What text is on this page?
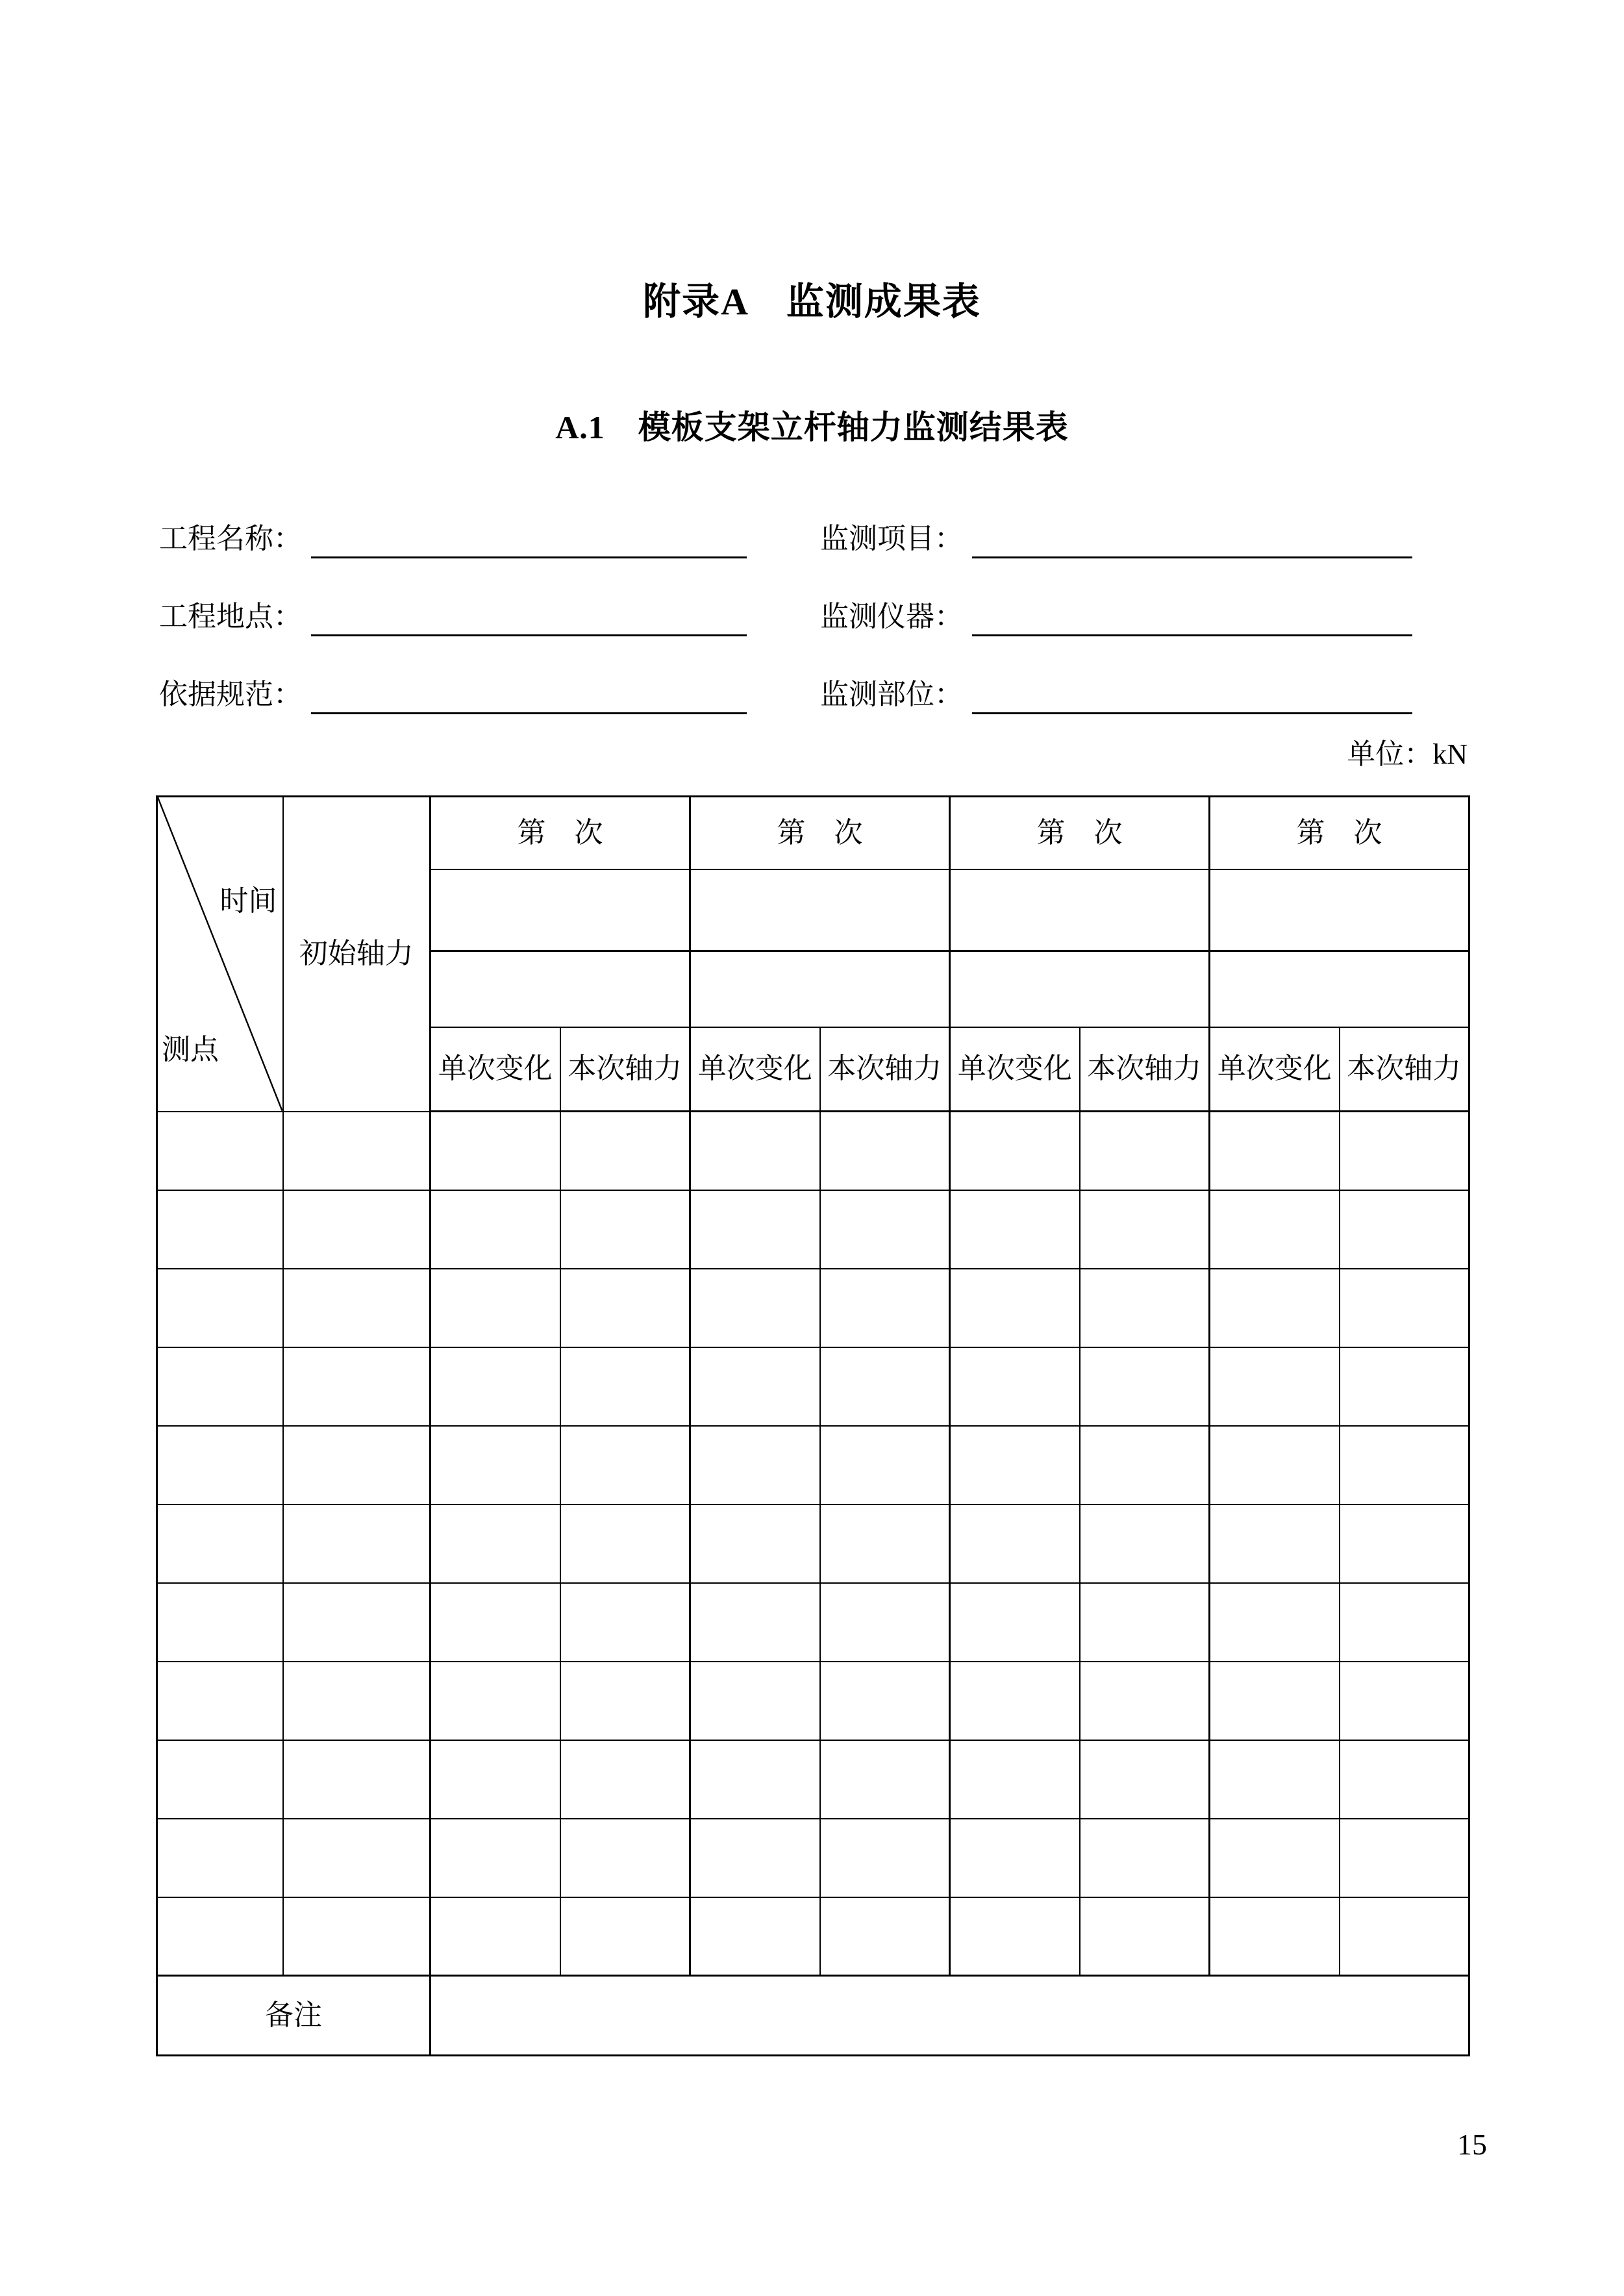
附录A　监测成果表
A.1　模板支架立杆轴力监测结果表
工程名称：	监测项目：
工程地点：	监测仪器：
依据规范：	监测部位：
单位：kN
时间
测点	初始轴力	第　次		第　次		第　次		第　次	

		单次变化	本次轴力	单次变化	本次轴力	单次变化	本次轴力	单次变化	本次轴力

备注									
15
